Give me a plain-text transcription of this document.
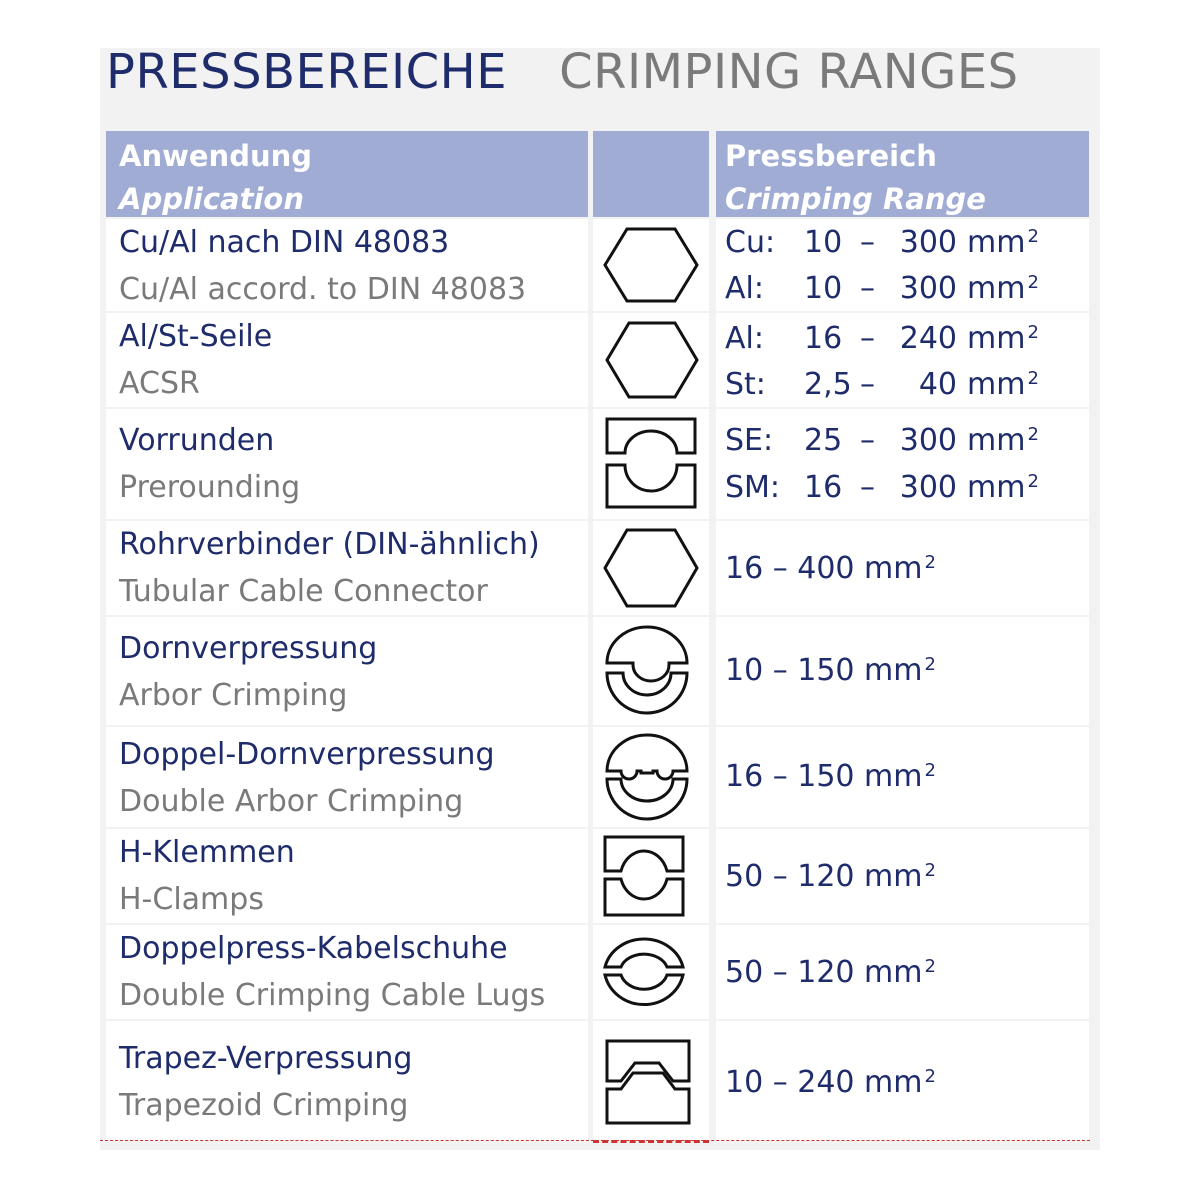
PRESSBEREICHE CRIMPING RANGES
Anwendung
Application
Pressbereich
Crimping Range
Cu/Al nach DIN 48083
Cu/Al accord. to DIN 48083
Cu: 10 – 300 mm $^2$
Al: 10 – 300 mm $^2$
Al/St-Seile
ACSR
Al: 16 – 240 mm $^2$
St: 2,5 – 40 mm $^2$
Vorrunden
Prerounding
SE: 25 – 300 mm $^2$
SM: 16 – 300 mm $^2$
Rohrverbinder (DIN-ähnlich)
Tubular Cable Connector
16 – 400 mm $^2$
Dornverpressung
Arbor Crimping
10 – 150 mm $^2$
Doppel-Dornverpressung
Double Arbor Crimping
16 – 150 mm $^2$
H-Klemmen
H-Clamps
50 – 120 mm $^2$
Doppelpress-Kabelschuhe
Double Crimping Cable Lugs
50 – 120 mm $^2$
Trapez-Verpressung
Trapezoid Crimping
10 – 240 mm $^2$
